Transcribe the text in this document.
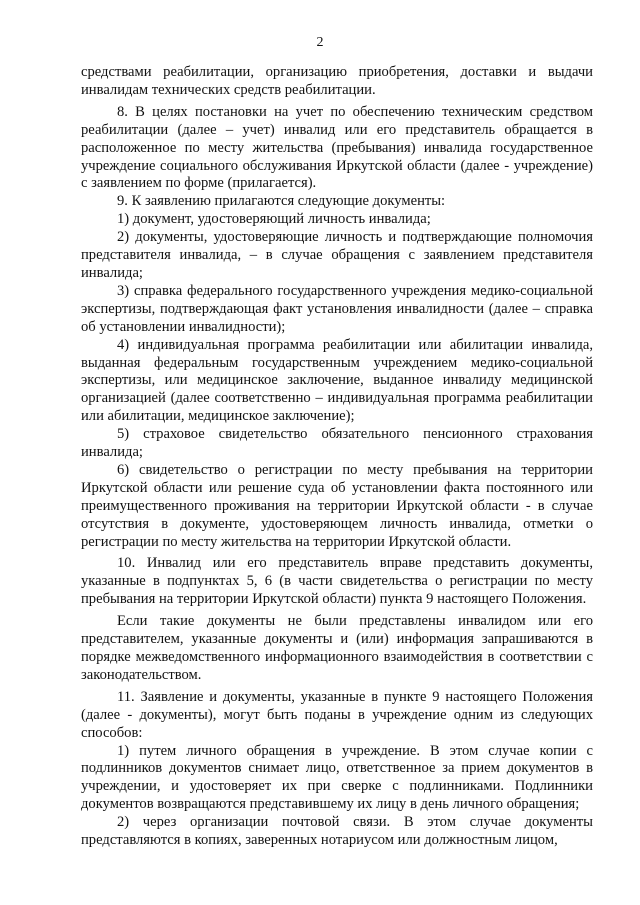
2

средствами реабилитации, организацию приобретения, доставки и выдачи инвалидам технических средств реабилитации.

8. В целях постановки на учет по обеспечению техническим средством реабилитации (далее – учет) инвалид или его представитель обращается в расположенное по месту жительства (пребывания) инвалида государственное учреждение социального обслуживания Иркутской области (далее - учреждение) с заявлением по форме (прилагается).

9. К заявлению прилагаются следующие документы:

1) документ, удостоверяющий личность инвалида;

2) документы, удостоверяющие личность и подтверждающие полномочия представителя инвалида, – в случае обращения с заявлением представителя инвалида;

3) справка федерального государственного учреждения медико-социальной экспертизы, подтверждающая факт установления инвалидности (далее – справка об установлении инвалидности);

4) индивидуальная программа реабилитации или абилитации инвалида, выданная федеральным государственным учреждением медико-социальной экспертизы, или медицинское заключение, выданное инвалиду медицинской организацией (далее соответственно – индивидуальная программа реабилитации или абилитации, медицинское заключение);

5) страховое свидетельство обязательного пенсионного страхования инвалида;

6) свидетельство о регистрации по месту пребывания на территории Иркутской области или решение суда об установлении факта постоянного или преимущественного проживания на территории Иркутской области - в случае отсутствия в документе, удостоверяющем личность инвалида, отметки о регистрации по месту жительства на территории Иркутской области.

10. Инвалид или его представитель вправе представить документы, указанные в подпунктах 5, 6 (в части свидетельства о регистрации по месту пребывания на территории Иркутской области) пункта 9 настоящего Положения.

Если такие документы не были представлены инвалидом или его представителем, указанные документы и (или) информация запрашиваются в порядке межведомственного информационного взаимодействия в соответствии с законодательством.

11. Заявление и документы, указанные в пункте 9 настоящего Положения (далее - документы), могут быть поданы в учреждение одним из следующих способов:

1) путем личного обращения в учреждение. В этом случае копии с подлинников документов снимает лицо, ответственное за прием документов в учреждении, и удостоверяет их при сверке с подлинниками. Подлинники документов возвращаются представившему их лицу в день личного обращения;

2) через организации почтовой связи. В этом случае документы представляются в копиях, заверенных нотариусом или должностным лицом,
